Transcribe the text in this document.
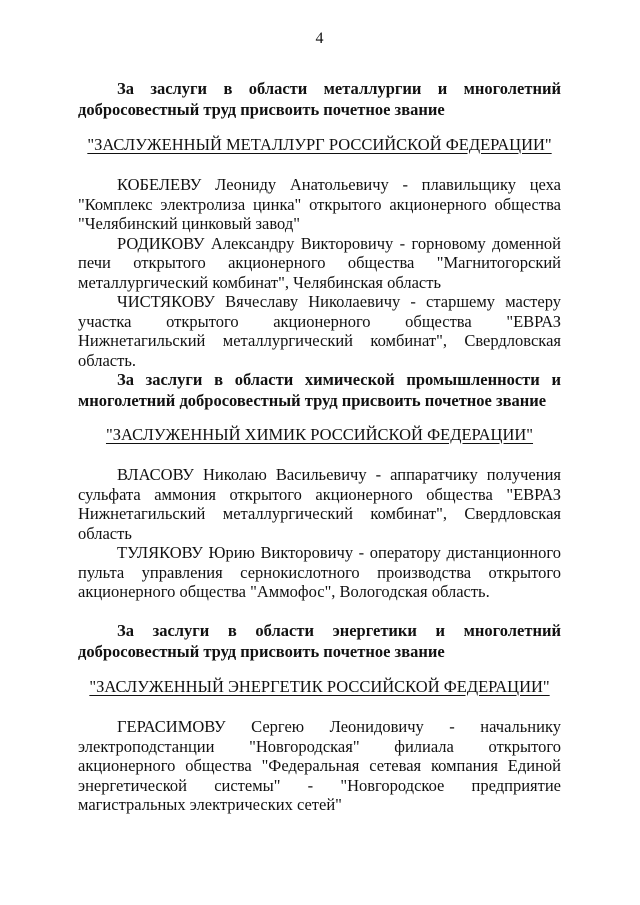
4

За заслуги в области металлургии и многолетний добросовестный труд присвоить почетное звание

"ЗАСЛУЖЕННЫЙ МЕТАЛЛУРГ РОССИЙСКОЙ ФЕДЕРАЦИИ"

КОБЕЛЕВУ Леониду Анатольевичу - плавильщику цеха "Комплекс электролиза цинка" открытого акционерного общества "Челябинский цинковый завод"

РОДИКОВУ Александру Викторовичу - горновому доменной печи открытого акционерного общества "Магнитогорский металлургический комбинат", Челябинская область

ЧИСТЯКОВУ Вячеславу Николаевичу - старшему мастеру участка открытого акционерного общества "ЕВРАЗ Нижнетагильский металлургический комбинат", Свердловская область.

За заслуги в области химической промышленности и многолетний добросовестный труд присвоить почетное звание

"ЗАСЛУЖЕННЫЙ ХИМИК РОССИЙСКОЙ ФЕДЕРАЦИИ"

ВЛАСОВУ Николаю Васильевичу - аппаратчику получения сульфата аммония открытого акционерного общества "ЕВРАЗ Нижнетагильский металлургический комбинат", Свердловская область

ТУЛЯКОВУ Юрию Викторовичу - оператору дистанционного пульта управления сернокислотного производства открытого акционерного общества "Аммофос", Вологодская область.

За заслуги в области энергетики и многолетний добросовестный труд присвоить почетное звание

"ЗАСЛУЖЕННЫЙ ЭНЕРГЕТИК РОССИЙСКОЙ ФЕДЕРАЦИИ"

ГЕРАСИМОВУ Сергею Леонидовичу - начальнику электроподстанции "Новгородская" филиала открытого акционерного общества "Федеральная сетевая компания Единой энергетической системы" - "Новгородское предприятие магистральных электрических сетей"
